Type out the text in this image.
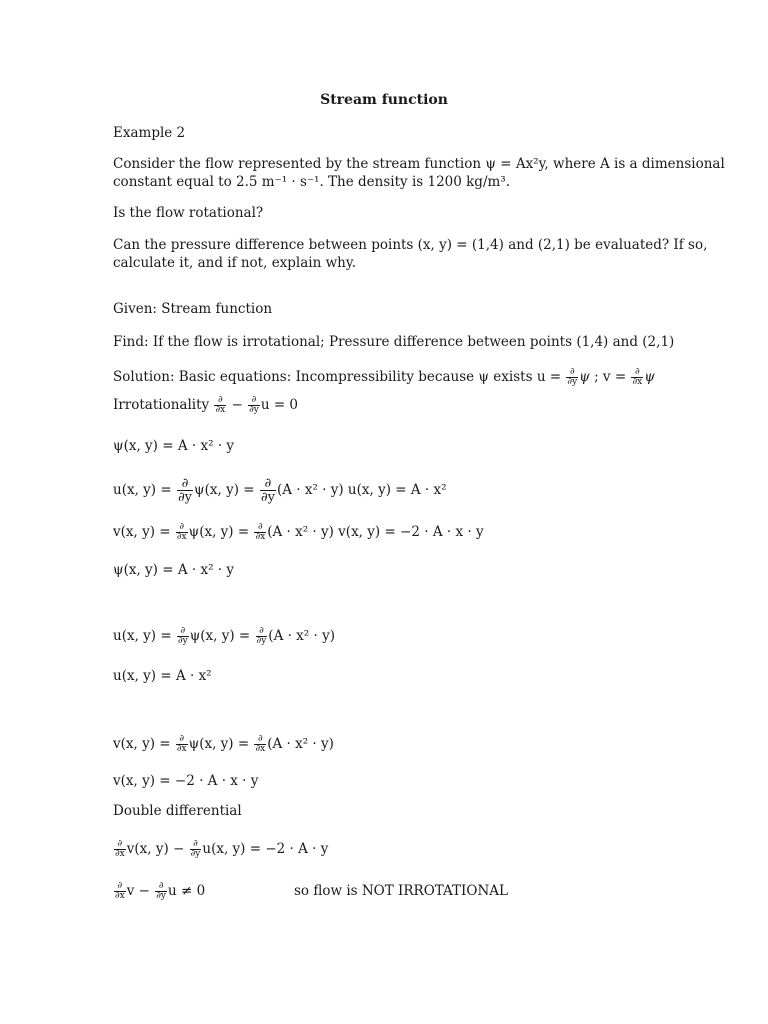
Stream function
Example 2
Consider the flow represented by the stream function ψ = Ax²y, where A is a dimensional
constant equal to 2.5 m⁻¹ · s⁻¹. The density is 1200 kg/m³.
Is the flow rotational?
Can the pressure difference between points (x, y) = (1,4) and (2,1) be evaluated? If so,
calculate it, and if not, explain why.
Given: Stream function
Find: If the flow is irrotational; Pressure difference between points (1,4) and (2,1)
Solution: Basic equations: Incompressibility because ψ exists $u = \frac{\partial}{\partial y}$ ψ ; $v = \frac{\partial}{\partial x}$ ψ
Irrotationality $\frac{\partial}{\partial x} - \frac{\partial}{\partial y}$ u = 0
ψ(x, y) = A · x² · y
u(x, $y) = \frac{\partial}{\partial y} \psi(x$, $y) = \frac{\partial}{\partial y} (A \cdot x^2 \cdot y)$ u(x, y) = A · x²
v(x, $y) = \frac{\partial}{\partial x} \psi(x$, $y) = \frac{\partial}{\partial x} (A \cdot x^2 \cdot y)$ v(x, y) = −2 · A · x · y
ψ(x, y) = A · x² · y
u(x, $y) = \frac{\partial}{\partial y} \psi(x$, $y) = \frac{\partial}{\partial y} (A \cdot x^2 \cdot y)$
u(x, y) = A · x²
v(x, $y) = \frac{\partial}{\partial x} \psi(x$, $y) = \frac{\partial}{\partial x} (A \cdot x^2 \cdot y)$
v(x, y) = −2 · A · x · y
Double differential
$\frac{\partial}{\partial x} v(x$, $y) - \frac{\partial}{\partial y} u(x$, y) = −2 · A · y
$\frac{\partial}{\partial x}$ $v - \frac{\partial}{\partial y}$ u ≠ 0	so flow is NOT IRROTATIONAL
